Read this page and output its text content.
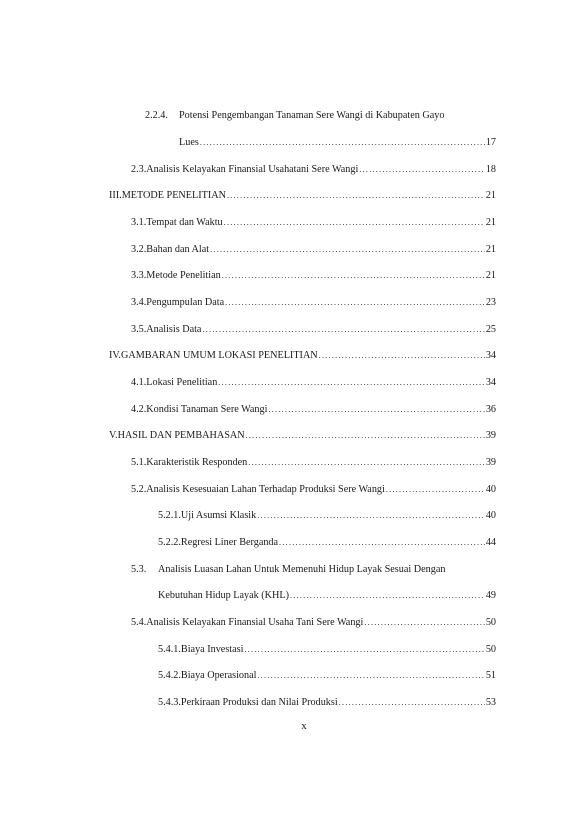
2.2.4.	Potensi Pengembangan Tanaman Sere Wangi di Kabupaten Gayo
Lues .....	17
2.3. Analisis Kelayakan Finansial Usahatani Sere Wangi .....	18
III. METODE PENELITIAN .....	21
3.1. Tempat dan Waktu .....	21
3.2. Bahan dan Alat .....	21
3.3. Metode Penelitian .....	21
3.4. Pengumpulan Data .....	23
3.5. Analisis Data .....	25
IV. GAMBARAN UMUM LOKASI PENELITIAN .....	34
4.1. Lokasi Penelitian .....	34
4.2. Kondisi Tanaman Sere Wangi .....	36
V. HASIL DAN PEMBAHASAN .....	39
5.1. Karakteristik Responden .....	39
5.2. Analisis Kesesuaian Lahan Terhadap Produksi Sere Wangi .....	40
5.2.1. Uji Asumsi Klasik .....	40
5.2.2. Regresi Liner Berganda .....	44
5.3.	Analisis Luasan Lahan Untuk Memenuhi Hidup Layak Sesuai Dengan
Kebutuhan Hidup Layak (KHL) .....	49
5.4. Analisis Kelayakan Finansial Usaha Tani Sere Wangi .....	50
5.4.1. Biaya Investasi .....	50
5.4.2. Biaya Operasional .....	51
5.4.3. Perkiraan Produksi dan Nilai Produksi .....	53
x
